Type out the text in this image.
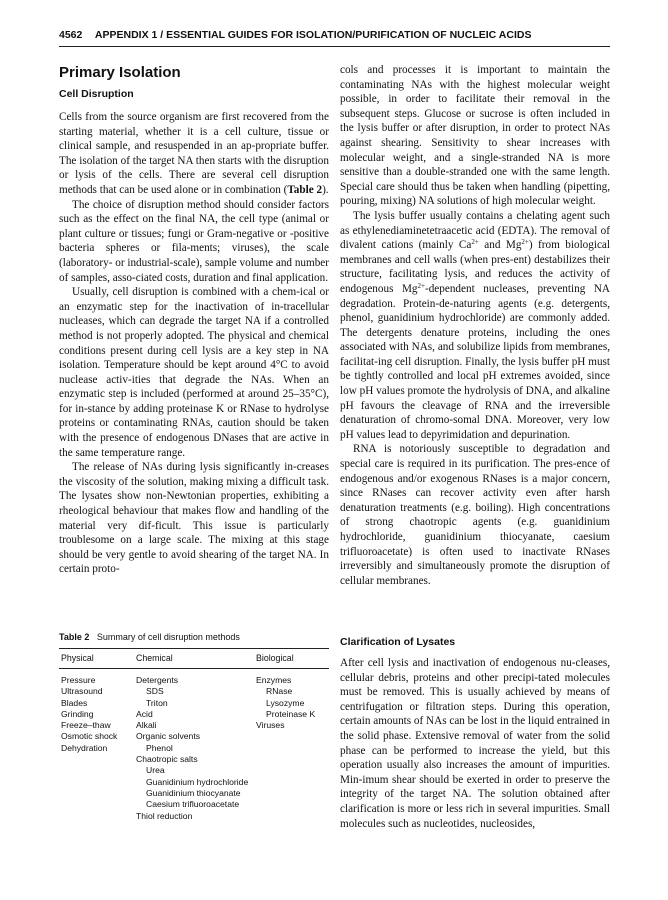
4562 APPENDIX 1 / ESSENTIAL GUIDES FOR ISOLATION/PURIFICATION OF NUCLEIC ACIDS
Primary Isolation
Cell Disruption

Cells from the source organism are first recovered from the starting material, whether it is a cell culture, tissue or clinical sample, and resuspended in an ap-propriate buffer. The isolation of the target NA then starts with the disruption or lysis of the cells. There are several cell disruption methods that can be used alone or in combination (Table 2).

The choice of disruption method should consider factors such as the effect on the final NA, the cell type (animal or plant culture or tissues; fungi or Gram-negative or -positive bacteria spheres or fila-ments; viruses), the scale (laboratory- or industrial-scale), sample volume and number of samples, asso-ciated costs, duration and final application.

Usually, cell disruption is combined with a chem-ical or an enzymatic step for the inactivation of in-tracellular nucleases, which can degrade the target NA if a controlled method is not properly adopted. The physical and chemical conditions present during cell lysis are a key step in NA isolation. Temperature should be kept around 4°C to avoid nuclease activ-ities that degrade the NAs. When an enzymatic step is included (performed at around 25–35°C), for in-stance by adding proteinase K or RNase to hydrolyse proteins or contaminating RNAs, caution should be taken with the presence of endogenous DNases that are active in the same temperature range.

The release of NAs during lysis significantly in-creases the viscosity of the solution, making mixing a difficult task. The lysates show non-Newtonian properties, exhibiting a rheological behaviour that makes flow and handling of the material very dif-ficult. This issue is particularly troublesome on a large scale. The mixing at this stage should be very gentle to avoid shearing of the target NA. In certain proto-

cols and processes it is important to maintain the contaminating NAs with the highest molecular weight possible, in order to facilitate their removal in the subsequent steps. Glucose or sucrose is often included in the lysis buffer or after disruption, in order to protect NAs against shearing. Sensitivity to shear increases with molecular weight, and a single-stranded NA is more sensitive than a double-stranded one with the same length. Special care should thus be taken when handling (pipetting, pouring, mixing) NA solutions of high molecular weight.

The lysis buffer usually contains a chelating agent such as ethylenediaminetetraacetic acid (EDTA). The removal of divalent cations (mainly $Ca^{2+}$ and $Mg^{2+}$) from biological membranes and cell walls (when pres-ent) destabilizes their structure, facilitating lysis, and reduces the activity of endogenous $Mg^{2+}$-dependent nucleases, preventing NA degradation. Protein-de-naturing agents (e.g. detergents, phenol, guanidinium hydrochloride) are commonly added. The detergents denature proteins, including the ones associated with NAs, and solubilize lipids from membranes, facilitat-ing cell disruption. Finally, the lysis buffer pH must be tightly controlled and local pH extremes avoided, since low pH values promote the hydrolysis of DNA, and alkaline pH favours the cleavage of RNA and the irreversible denaturation of chromo-somal DNA. Moreover, very low pH values lead to depyrimidation and depurination.

RNA is notoriously susceptible to degradation and special care is required in its purification. The pres-ence of endogenous and/or exogenous RNases is a major concern, since RNases can recover activity even after harsh denaturation treatments (e.g. boiling). High concentrations of strong chaotropic agents (e.g. guanidinium hydrochloride, guanidinium thiocyanate, caesium trifluoroacetate) is often used to inactivate RNases irreversibly and simultaneously promote the disruption of cellular membranes.

Table 2 Summary of cell disruption methods
Physical	Chemical	Biological
Pressure
Ultrasound
Blades
Grinding
Freeze–thaw
Osmotic shock
Dehydration
Detergents
SDS
Triton
Acid
Alkali
Organic solvents
Phenol
Chaotropic salts
Urea
Guanidinium hydrochloride
Guanidinium thiocyanate
Caesium trifluoroacetate
Thiol reduction
Enzymes
RNase
Lysozyme
Proteinase K
Viruses
Clarification of Lysates

After cell lysis and inactivation of endogenous nu-cleases, cellular debris, proteins and other precipi-tated molecules must be removed. This is usually achieved by means of centrifugation or filtration steps. During this operation, certain amounts of NAs can be lost in the liquid entrained in the solid phase. Extensive removal of water from the solid phase can be performed to increase the yield, but this operation usually also increases the amount of impurities. Min-imum shear should be exerted in order to preserve the integrity of the target NA. The solution obtained after clarification is more or less rich in several impurities. Small molecules such as nucleotides, nucleosides,
